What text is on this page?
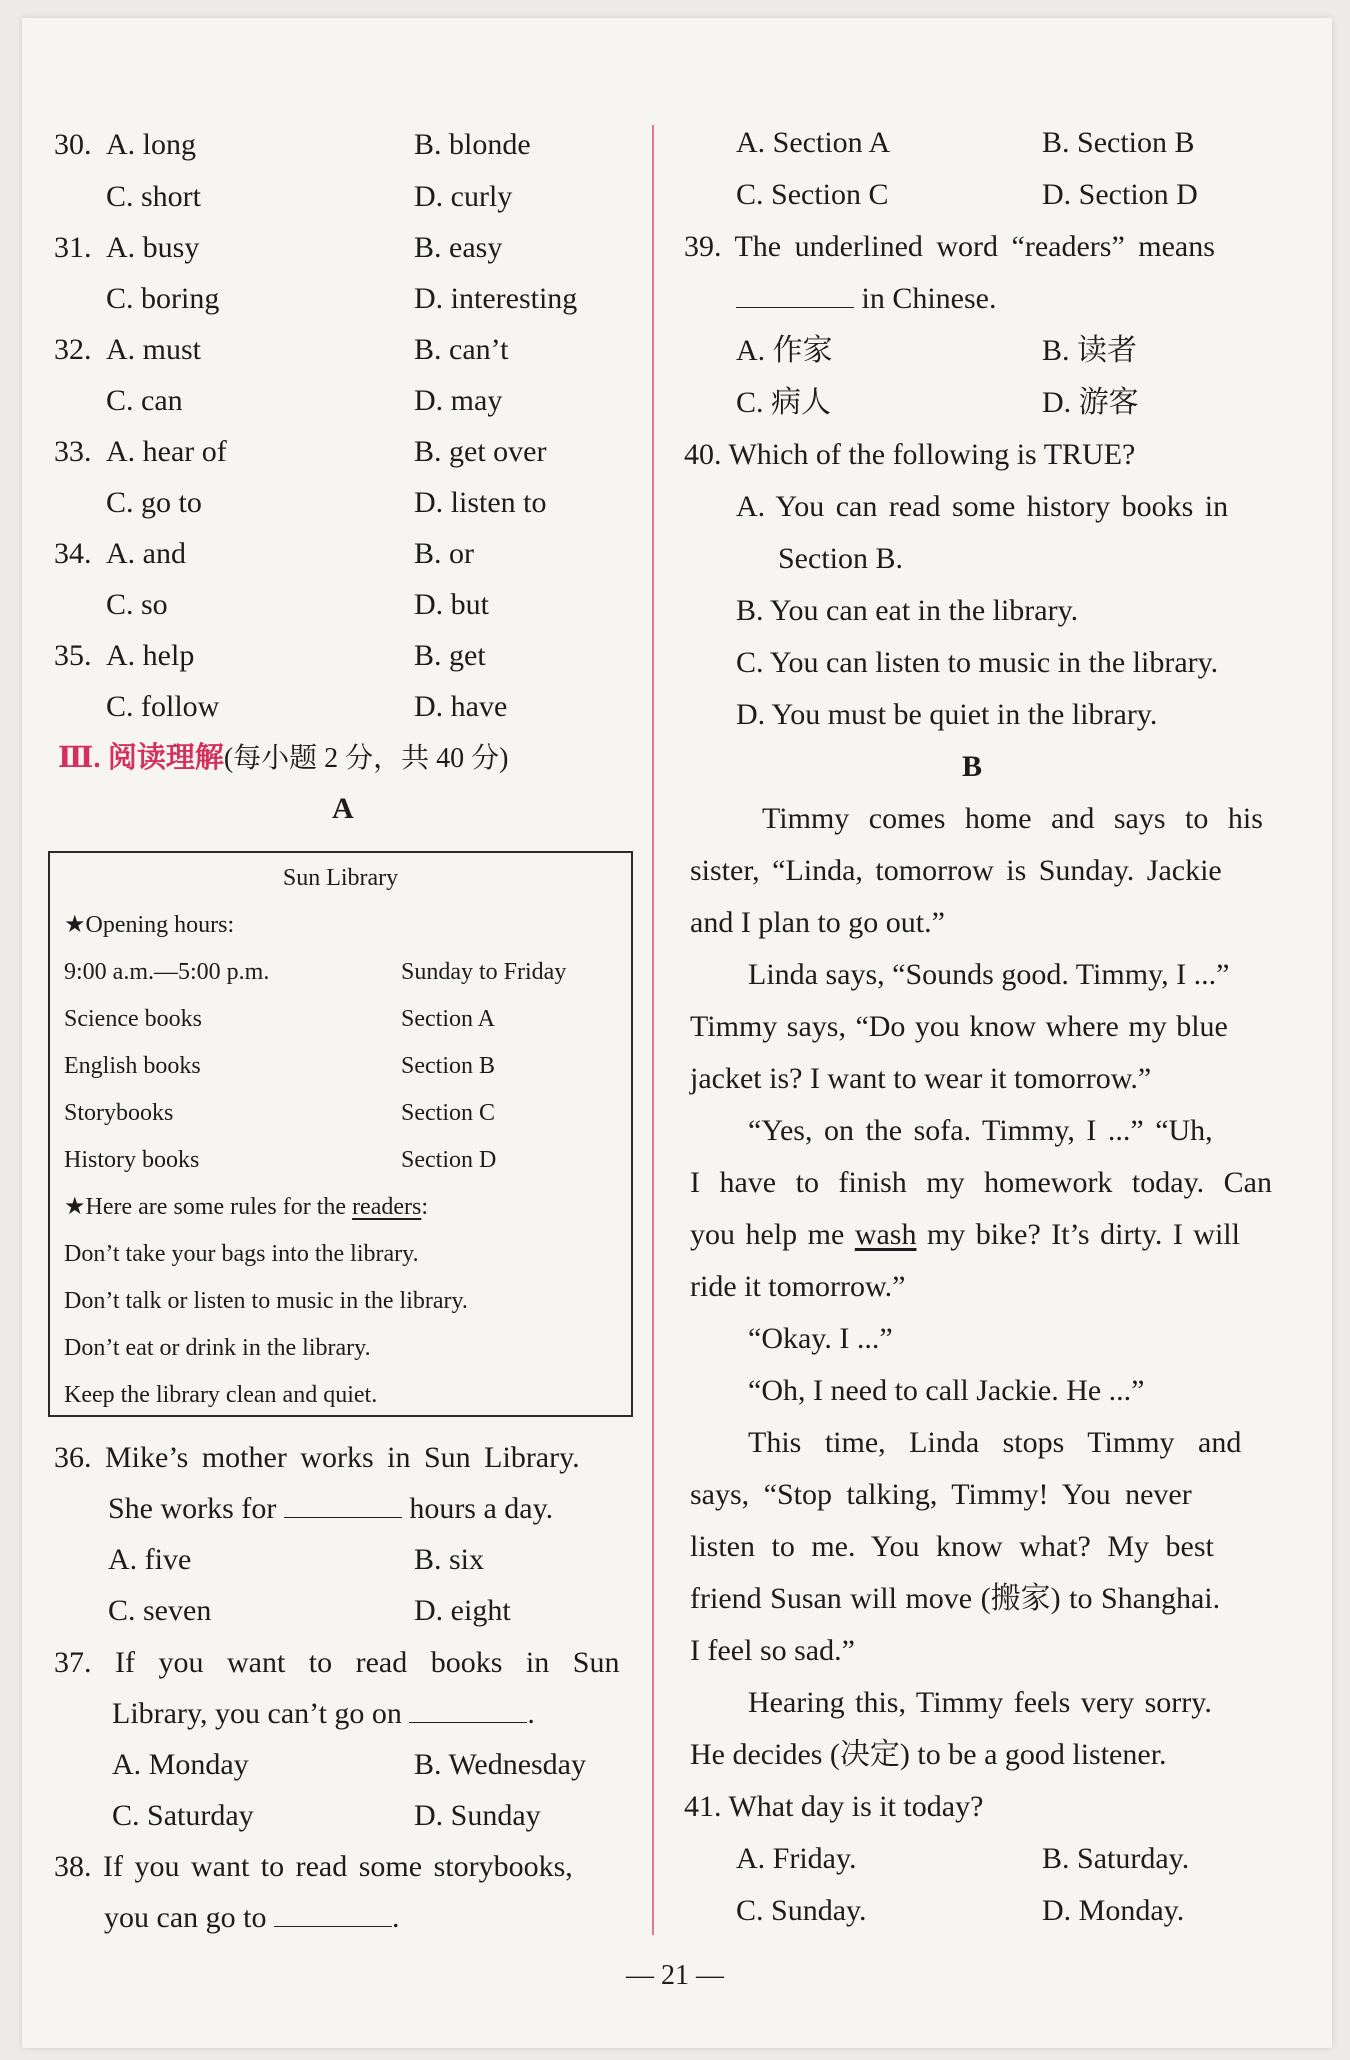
30. A. long	B. blonde
C. short	D. curly
31. A. busy	B. easy
C. boring	D. interesting
32. A. must	B. can’t
C. can	D. may
33. A. hear of	B. get over
C. go to	D. listen to
34. A. and	B. or
C. so	D. but
35. A. help	B. get
C. follow	D. have
Ⅲ. 阅读理解(每小题 2 分，共 40 分)
A
Sun Library
★Opening hours:
9:00 a.m.—5:00 p.m.	Sunday to Friday
Science books	Section A
English books	Section B
Storybooks	Section C
History books	Section D
★Here are some rules for the readers:
Don’t take your bags into the library.
Don’t talk or listen to music in the library.
Don’t eat or drink in the library.
Keep the library clean and quiet.
36. Mike’s mother works in Sun Library.
She works for	hours a day.
A. five	B. six
C. seven	D. eight
37. If you want to read books in Sun
Library, you can’t go on	.
A. Monday	B. Wednesday
C. Saturday	D. Sunday
38. If you want to read some storybooks,
you can go to	.
A. Section A	B. Section B
C. Section C	D. Section D
39. The underlined word “readers” means
in Chinese.
A. 作家	B. 读者
C. 病人	D. 游客
40. Which of the following is TRUE?
A. You can read some history books in
Section B.
B. You can eat in the library.
C. You can listen to music in the library.
D. You must be quiet in the library.
B
Timmy comes home and says to his
sister, “Linda, tomorrow is Sunday. Jackie
and I plan to go out.”
Linda says, “Sounds good. Timmy, I ...”
Timmy says, “Do you know where my blue
jacket is? I want to wear it tomorrow.”
“Yes, on the sofa. Timmy, I ...” “Uh,
I have to finish my homework today. Can
you help me wash my bike? It’s dirty. I will
ride it tomorrow.”
“Okay. I ...”
“Oh, I need to call Jackie. He ...”
This time, Linda stops Timmy and
says, “Stop talking, Timmy! You never
listen to me. You know what? My best
friend Susan will move (搬家) to Shanghai.
I feel so sad.”
Hearing this, Timmy feels very sorry.
He decides (决定) to be a good listener.
41. What day is it today?
A. Friday.	B. Saturday.
C. Sunday.	D. Monday.
— 21 —
